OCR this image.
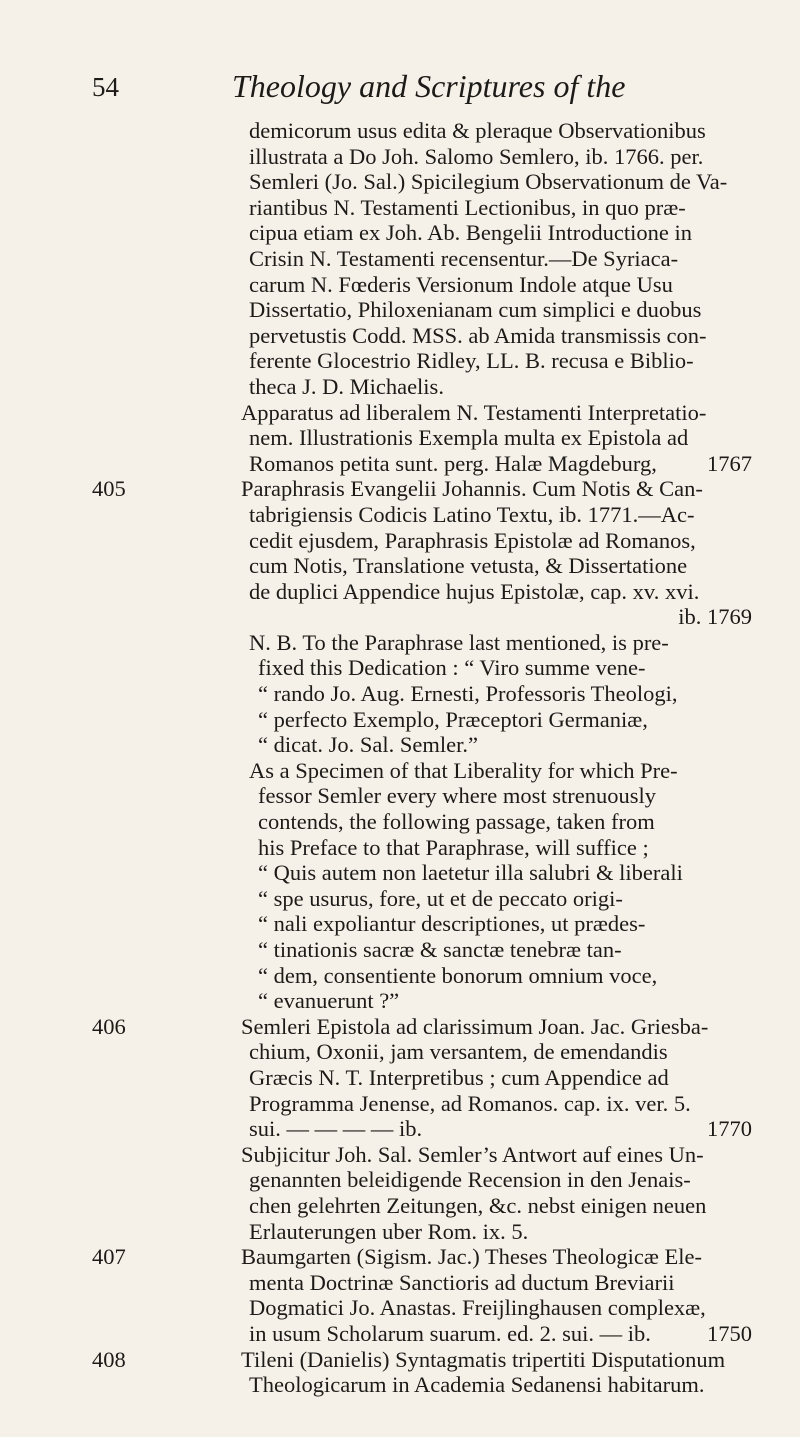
54	Theology and Scriptures of the
demicorum usus edita & pleraque Observationibus
illustrata a Do Joh. Salomo Semlero, ib. 1766. per.
Semleri (Jo. Sal.) Spicilegium Observationum de Va-
riantibus N. Testamenti Lectionibus, in quo præ-
cipua etiam ex Joh. Ab. Bengelii Introductione in
Crisin N. Testamenti recensentur.—De Syriaca-
carum N. Fœderis Versionum Indole atque Usu
Dissertatio, Philoxenianam cum simplici e duobus
pervetustis Codd. MSS. ab Amida transmissis con-
ferente Glocestrio Ridley, LL. B. recusa e Biblio-
theca J. D. Michaelis.
Apparatus ad liberalem N. Testamenti Interpretatio-
nem. Illustrationis Exempla multa ex Epistola ad
Romanos petita sunt. perg. Halæ Magdeburg, 1767
405	Paraphrasis Evangelii Johannis. Cum Notis & Can-
tabrigiensis Codicis Latino Textu, ib. 1771.—Ac-
cedit ejusdem, Paraphrasis Epistolæ ad Romanos,
cum Notis, Translatione vetusta, & Dissertatione
de duplici Appendice hujus Epistolæ, cap. xv. xvi.
ib. 1769
N. B. To the Paraphrase last mentioned, is pre-
fixed this Dedication : “ Viro summe vene-
“ rando Jo. Aug. Ernesti, Professoris Theologi,
“ perfecto Exemplo, Præceptori Germaniæ,
“ dicat. Jo. Sal. Semler.”
As a Specimen of that Liberality for which Pre-
fessor Semler every where most strenuously
contends, the following passage, taken from
his Preface to that Paraphrase, will suffice ;
“ Quis autem non laetetur illa salubri & liberali
“ spe usurus, fore, ut et de peccato origi-
“ nali expoliantur descriptiones, ut prædes-
“ tinationis sacræ & sanctæ tenebræ tan-
“ dem, consentiente bonorum omnium voce,
“ evanuerunt ?”
406	Semleri Epistola ad clarissimum Joan. Jac. Griesba-
chium, Oxonii, jam versantem, de emendandis
Græcis N. T. Interpretibus ; cum Appendice ad
Programma Jenense, ad Romanos. cap. ix. ver. 5.
sui. — — — — ib.	1770
Subjicitur Joh. Sal. Semler’s Antwort auf eines Un-
genannten beleidigende Recension in den Jenais-
chen gelehrten Zeitungen, &c. nebst einigen neuen
Erlauterungen uber Rom. ix. 5.
407	Baumgarten (Sigism. Jac.) Theses Theologicæ Ele-
menta Doctrinæ Sanctioris ad ductum Breviarii
Dogmatici Jo. Anastas. Freijlinghausen complexæ,
in usum Scholarum suarum. ed. 2. sui. — ib. 1750
408	Tileni (Danielis) Syntagmatis tripertiti Disputationum
Theologicarum in Academia Sedanensi habitarum.
